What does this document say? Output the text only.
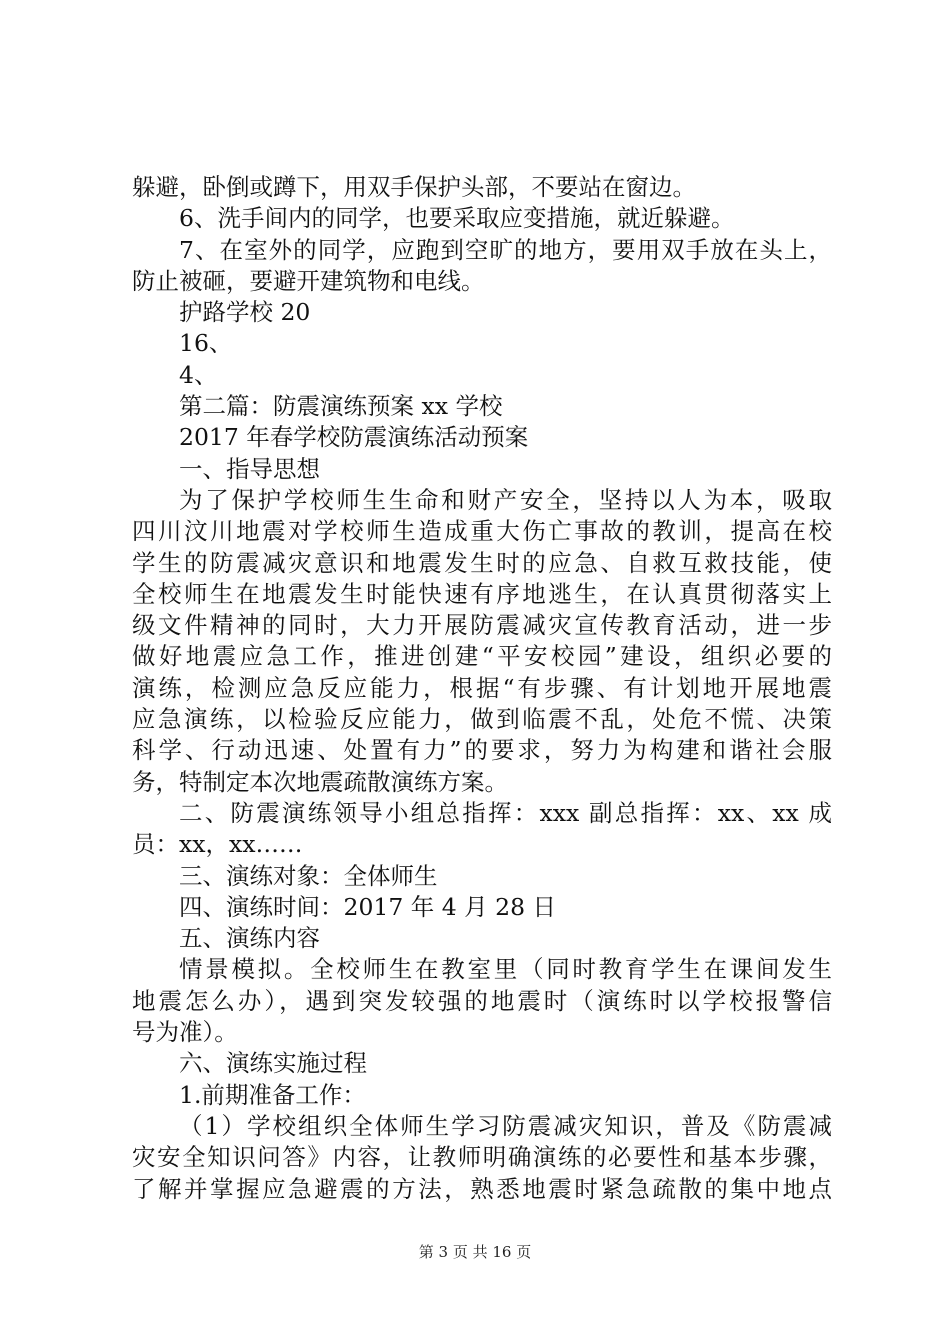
躲避，卧倒或蹲下，用双手保护头部，不要站在窗边。
6、洗手间内的同学，也要采取应变措施，就近躲避。
7、在室外的同学，应跑到空旷的地方，要用双手放在头上，
防止被砸，要避开建筑物和电线。
护路学校 20
16、
4、
第二篇：防震演练预案 xx 学校
2017 年春学校防震演练活动预案
一、指导思想
为了保护学校师生生命和财产安全，坚持以人为本，吸取
四川汶川地震对学校师生造成重大伤亡事故的教训，提高在校
学生的防震减灾意识和地震发生时的应急、自救互救技能，使
全校师生在地震发生时能快速有序地逃生，在认真贯彻落实上
级文件精神的同时，大力开展防震减灾宣传教育活动，进一步
做好地震应急工作，推进创建“平安校园”建设，组织必要的
演练，检测应急反应能力，根据“有步骤、有计划地开展地震
应急演练，以检验反应能力，做到临震不乱，处危不慌、决策
科学、行动迅速、处置有力”的要求，努力为构建和谐社会服
务，特制定本次地震疏散演练方案。
二、防震演练领导小组总指挥：xxx 副总指挥：xx、xx 成
员：xx，xx……
三、演练对象：全体师生
四、演练时间：2017 年 4 月 28 日
五、演练内容
情景模拟。全校师生在教室里（同时教育学生在课间发生
地震怎么办），遇到突发较强的地震时（演练时以学校报警信
号为准）。
六、演练实施过程
1.前期准备工作：
（1）学校组织全体师生学习防震减灾知识，普及《防震减
灾安全知识问答》内容，让教师明确演练的必要性和基本步骤，
了解并掌握应急避震的方法，熟悉地震时紧急疏散的集中地点
第 3 页 共 16 页
